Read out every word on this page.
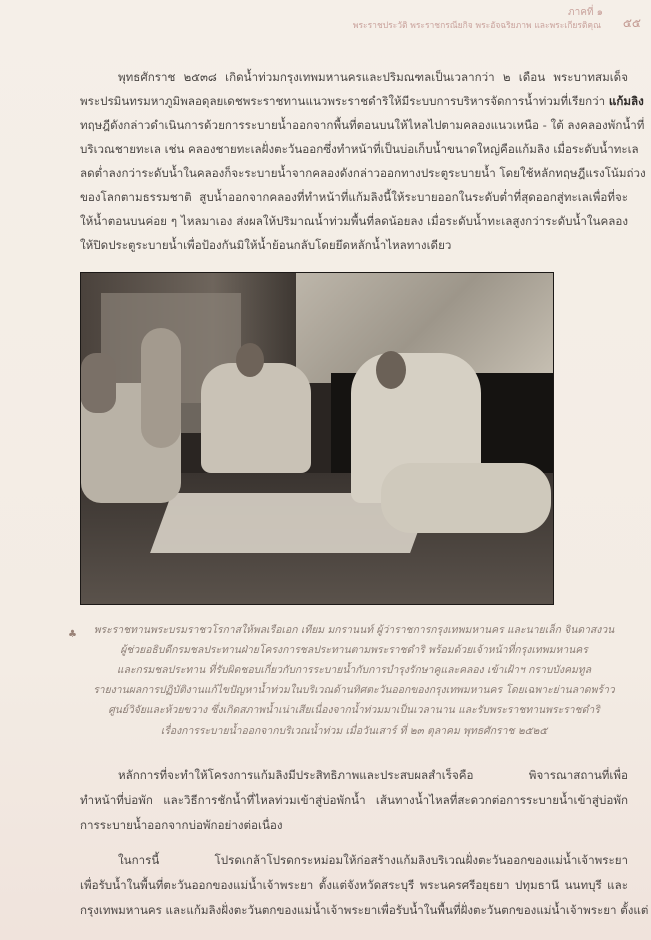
ภาคที่ ๑
พระราชประวัติ พระราชกรณียกิจ พระอัจฉริยภาพ และพระเกียรติคุณ ๕๕
พุทธศักราช ๒๕๓๘ เกิดน้ำท่วมกรุงเทพมหานครและปริมณฑลเป็นเวลากว่า ๒ เดือน พระบาทสมเด็จ
พระปรมินทรมหาภูมิพลอดุลยเดชพระราชทานแนวพระราชดำริให้มีระบบการบริหารจัดการน้ำท่วมที่เรียกว่า แก้มลิง
ทฤษฎีดังกล่าวดำเนินการด้วยการระบายน้ำออกจากพื้นที่ตอนบนให้ไหลไปตามคลองแนวเหนือ - ใต้ ลงคลองพักน้ำที่
บริเวณชายทะเล เช่น คลองชายทะเลฝั่งตะวันออกซึ่งทำหน้าที่เป็นบ่อเก็บน้ำขนาดใหญ่คือแก้มลิง เมื่อระดับน้ำทะเล
ลดต่ำลงกว่าระดับน้ำในคลองก็จะระบายน้ำจากคลองดังกล่าวออกทางประตูระบายน้ำ โดยใช้หลักทฤษฎีแรงโน้มถ่วง
ของโลกตามธรรมชาติ สูบน้ำออกจากคลองที่ทำหน้าที่แก้มลิงนี้ให้ระบายออกในระดับต่ำที่สุดออกสู่ทะเลเพื่อที่จะ
ให้น้ำตอนบนค่อย ๆ ไหลมาเอง ส่งผลให้ปริมาณน้ำท่วมพื้นที่ลดน้อยลง เมื่อระดับน้ำทะเลสูงกว่าระดับน้ำในคลอง
ให้ปิดประตูระบายน้ำเพื่อป้องกันมิให้น้ำย้อนกลับโดยยึดหลักน้ำไหลทางเดียว
♣	พระราชทานพระบรมราชวโรกาสให้พลเรือเอก เทียม มกรานนท์ ผู้ว่าราชการกรุงเทพมหานคร และนายเล็ก จินดาสงวน
ผู้ช่วยอธิบดีกรมชลประทานฝ่ายโครงการชลประทานตามพระราชดำริ พร้อมด้วยเจ้าหน้าที่กรุงเทพมหานคร
และกรมชลประทาน ที่รับผิดชอบเกี่ยวกับการระบายน้ำกับการบำรุงรักษาคูและคลอง เข้าเฝ้าฯ กราบบังคมทูล
รายงานผลการปฏิบัติงานแก้ไขปัญหาน้ำท่วมในบริเวณด้านทิศตะวันออกของกรุงเทพมหานคร โดยเฉพาะย่านลาดพร้าว
ศูนย์วิจัยและห้วยขวาง ซึ่งเกิดสภาพน้ำเน่าเสียเนื่องจากน้ำท่วมมาเป็นเวลานาน และรับพระราชทานพระราชดำริ
เรื่องการระบายน้ำออกจากบริเวณน้ำท่วม เมื่อวันเสาร์ ที่ ๒๓ ตุลาคม พุทธศักราช ๒๕๒๕
หลักการที่จะทำให้โครงการแก้มลิงมีประสิทธิภาพและประสบผลสำเร็จคือ พิจารณาสถานที่เพื่อ
ทำหน้าที่บ่อพัก และวิธีการชักน้ำที่ไหลท่วมเข้าสู่บ่อพักน้ำ เส้นทางน้ำไหลที่สะดวกต่อการระบายน้ำเข้าสู่บ่อพัก
การระบายน้ำออกจากบ่อพักอย่างต่อเนื่อง
ในการนี้ โปรดเกล้าโปรดกระหม่อมให้ก่อสร้างแก้มลิงบริเวณฝั่งตะวันออกของแม่น้ำเจ้าพระยา
เพื่อรับน้ำในพื้นที่ตะวันออกของแม่น้ำเจ้าพระยา ตั้งแต่จังหวัดสระบุรี พระนครศรีอยุธยา ปทุมธานี นนทบุรี และ
กรุงเทพมหานคร และแก้มลิงฝั่งตะวันตกของแม่น้ำเจ้าพระยาเพื่อรับน้ำในพื้นที่ฝั่งตะวันตกของแม่น้ำเจ้าพระยา ตั้งแต่
